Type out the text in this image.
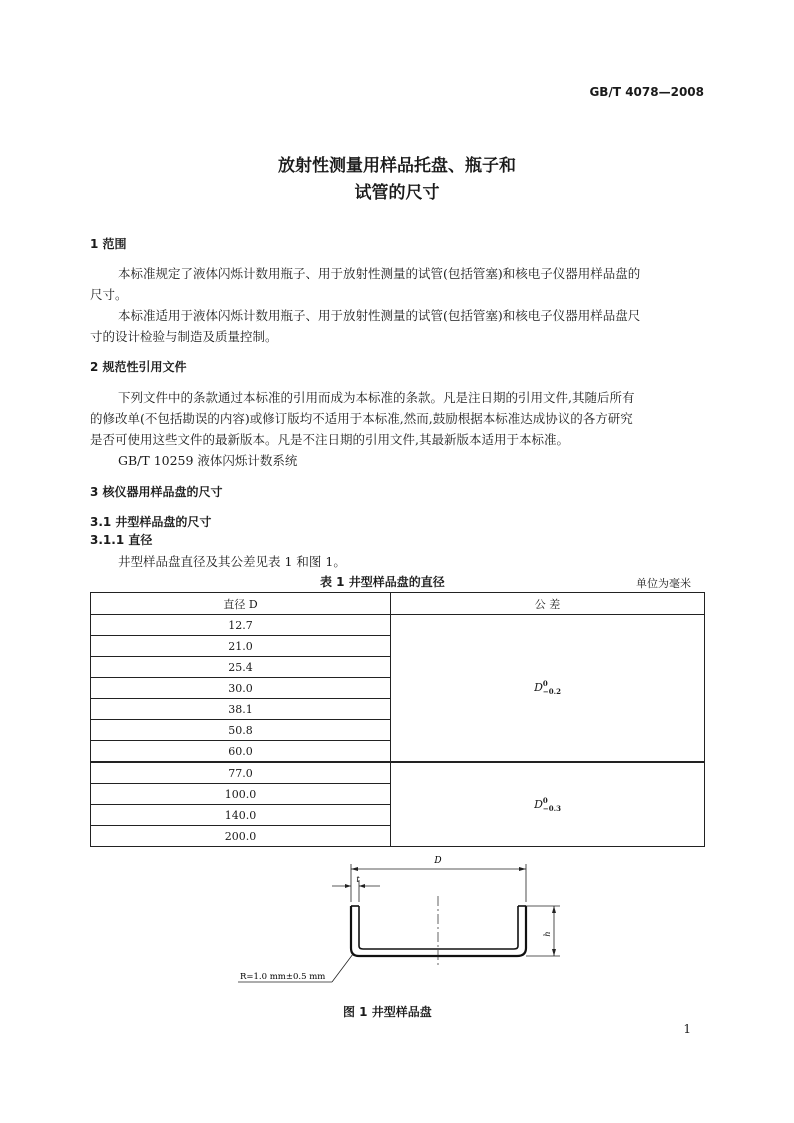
GB/T 4078—2008
放射性测量用样品托盘、瓶子和
试管的尺寸
1 范围
本标准规定了液体闪烁计数用瓶子、用于放射性测量的试管(包括管塞)和核电子仪器用样品盘的
尺寸。
本标准适用于液体闪烁计数用瓶子、用于放射性测量的试管(包括管塞)和核电子仪器用样品盘尺
寸的设计检验与制造及质量控制。
2 规范性引用文件
下列文件中的条款通过本标准的引用而成为本标准的条款。凡是注日期的引用文件,其随后所有
的修改单(不包括勘误的内容)或修订版均不适用于本标准,然而,鼓励根据本标准达成协议的各方研究
是否可使用这些文件的最新版本。凡是不注日期的引用文件,其最新版本适用于本标准。
GB/T 10259 液体闪烁计数系统
3 核仪器用样品盘的尺寸
3.1 井型样品盘的尺寸
3.1.1 直径
井型样品盘直径及其公差见表 1 和图 1。
表 1 井型样品盘的直径	单位为毫米
直径 D	公 差
12.7	D 0
−0.2

21.0	
25.4	
30.0	
38.1	
50.8	
60.0	
77.0	D 0
−0.3

100.0	
140.0	
200.0	
D
t
h
R=1.0 mm±0.5 mm
图 1 井型样品盘
1
